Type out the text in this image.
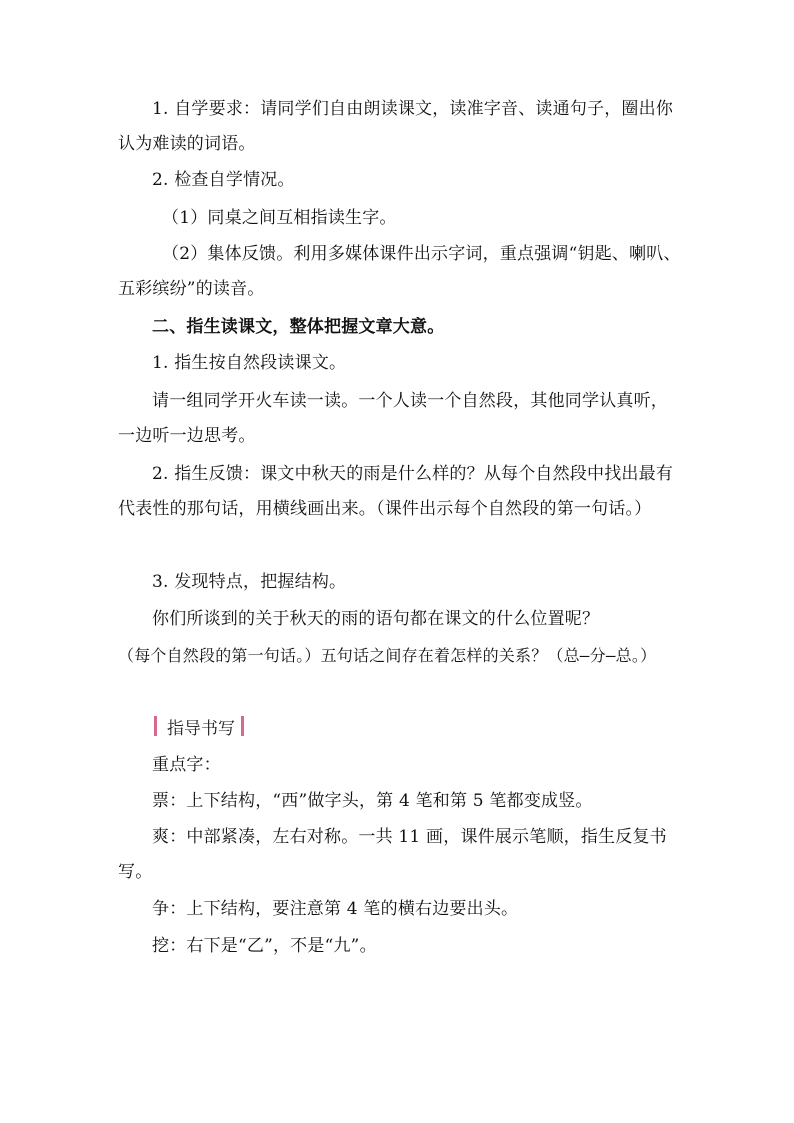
1. 自学要求：请同学们自由朗读课文，读准字音、读通句子，圈出你认为难读的词语。

2. 检查自学情况。

（1）同桌之间互相指读生字。

（2）集体反馈。利用多媒体课件出示字词，重点强调“钥匙、喇叭、五彩缤纷”的读音。

二、指生读课文，整体把握文章大意。

1. 指生按自然段读课文。

请一组同学开火车读一读。一个人读一个自然段，其他同学认真听，一边听一边思考。

2. 指生反馈：课文中秋天的雨是什么样的？从每个自然段中找出最有代表性的那句话，用横线画出来。（课件出示每个自然段的第一句话。）

3. 发现特点，把握结构。

你们所谈到的关于秋天的雨的语句都在课文的什么位置呢？

（每个自然段的第一句话。）五句话之间存在着怎样的关系？（总—分—总。）

指导书写

重点字：

票：上下结构，“西”做字头，第 4 笔和第 5 笔都变成竖。

爽：中部紧凑，左右对称。一共 11 画，课件展示笔顺，指生反复书写。

争：上下结构，要注意第 4 笔的横右边要出头。

挖：右下是“乙”，不是“九”。
